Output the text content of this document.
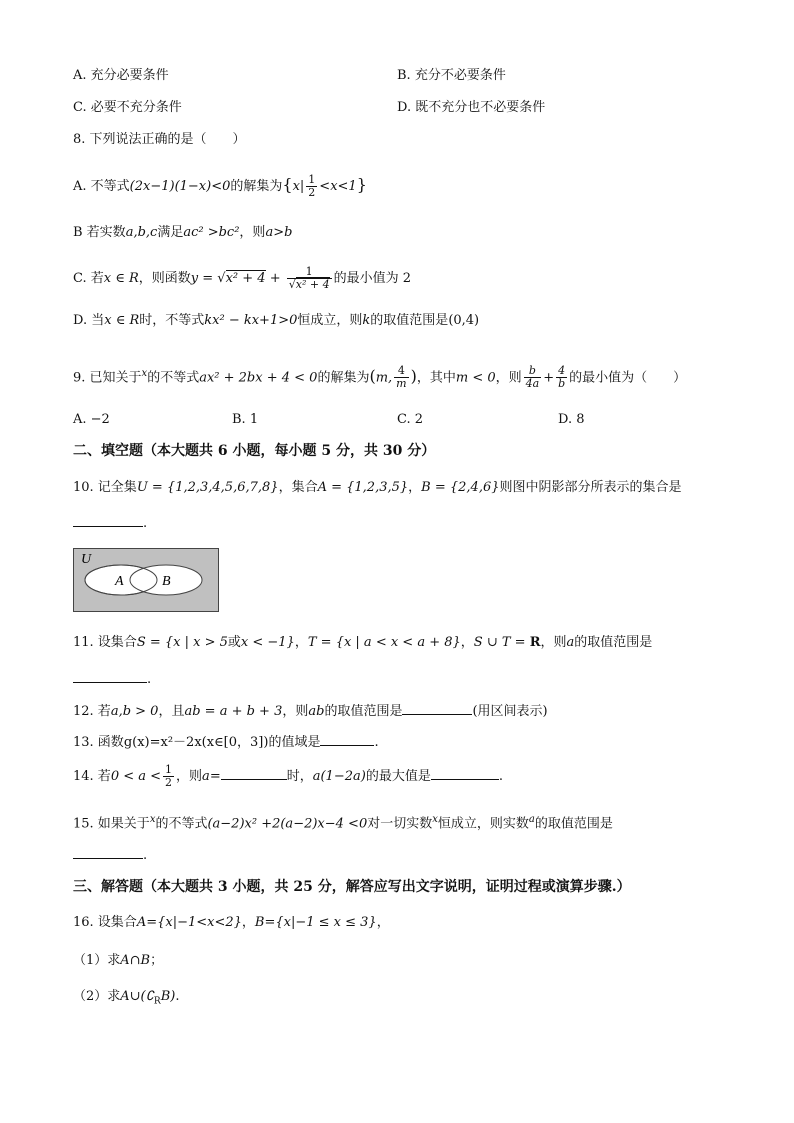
A. 充分必要条件	B. 充分不必要条件
C. 必要不充分条件	D. 既不充分也不必要条件
8. 下列说法正确的是（　　）
A. 不等式(2x−1)(1−x)<0的解集为$\{x| \frac{1}{2} <x<1\}$
B 若实数a,b,c满足ac² >bc²，则a>b
C. 若x ∈ R，则函数$y = √x^2 + 4 + \frac{1}{\text{√x² + 4}}$ 的最小值为 2
D. 当x ∈ R时，不等式kx² − kx+1>0恒成立，则k的取值范围是(0,4)
9. 已知关于$^x$的不等式ax² + 2bx + 4 < 0的解集为(m, $\frac{4}{m}$ )，其中m < 0，则 $\frac{b}{4a} + \frac{4}{b}$ 的最小值为（　　）
A. −2	B. 1	C. 2	D. 8
二、填空题（本大题共 6 小题，每小题 5 分，共 30 分）
10. 记全集U = {1,2,3,4,5,6,7,8}，集合A = {1,2,3,5}，B = {2,4,6}则图中阴影部分所表示的集合是
.
U
A	B
11. 设集合S = {x | x > 5或x < −1}，T = {x | a < x < a + 8}，S ∪ T = R，则a的取值范围是
.
12. 若a,b > 0，且ab = a + b + 3，则ab的取值范围是	(用区间表示)
13. 函数g(x)=x²－2x(x∈[0，3])的值域是	.
14. 若$0 < a < \frac{1}{2}$ ，则a=	时，a(1−2a)的最大值是	.
15. 如果关于$^x$的不等式(a−2)x² +2(a−2)x−4 <0对一切实数$^x$恒成立，则实数$^a$的取值范围是
.
三、解答题（本大题共 3 小题，共 25 分，解答应写出文字说明，证明过程或演算步骤.）
16. 设集合A={x|−1<x<2}，B={x|−1 ≤ x ≤ 3}，
（1）求A∩B；
（2）求$A\cup(∁_RB)$.
